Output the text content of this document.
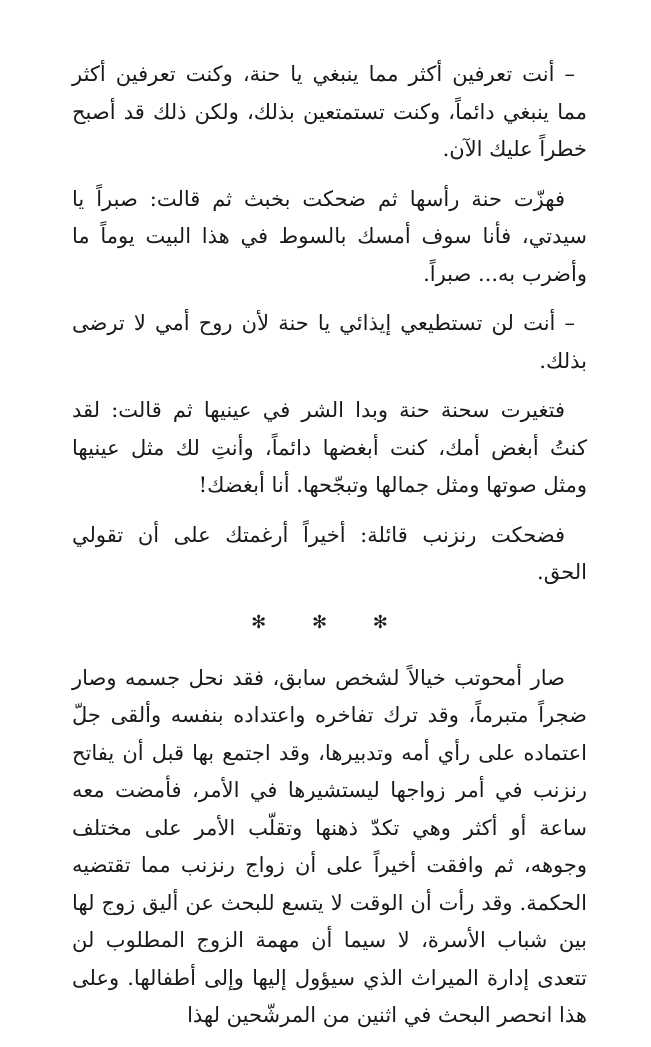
– أنت تعرفين أكثر مما ينبغي يا حنة، وكنت تعرفين أكثر مما ينبغي دائماً، وكنت تستمتعين بذلك، ولكن ذلك قد أصبح خطراً عليك الآن.

فهزّت حنة رأسها ثم ضحكت بخبث ثم قالت: صبراً يا سيدتي، فأنا سوف أمسك بالسوط في هذا البيت يوماً ما وأضرب به... صبراً.

– أنت لن تستطيعي إيذائي يا حنة لأن روح أمي لا ترضى بذلك.

فتغيرت سحنة حنة وبدا الشر في عينيها ثم قالت: لقد كنتُ أبغض أمك، كنت أبغضها دائماً، وأنتِ لك مثل عينيها ومثل صوتها ومثل جمالها وتبجّحها. أنا أبغضك!

فضحكت رنزنب قائلة: أخيراً أرغمتك على أن تقولي الحق.

✻ ✻ ✻

صار أمحوتب خيالاً لشخص سابق، فقد نحل جسمه وصار ضجراً متبرماً، وقد ترك تفاخره واعتداده بنفسه وألقى جلّ اعتماده على رأي أمه وتدبيرها، وقد اجتمع بها قبل أن يفاتح رنزنب في أمر زواجها ليستشيرها في الأمر، فأمضت معه ساعة أو أكثر وهي تكدّ ذهنها وتقلّب الأمر على مختلف وجوهه، ثم وافقت أخيراً على أن زواج رنزنب مما تقتضيه الحكمة. وقد رأت أن الوقت لا يتسع للبحث عن أليق زوج لها بين شباب الأسرة، لا سيما أن مهمة الزوج المطلوب لن تتعدى إدارة الميراث الذي سيؤول إليها وإلى أطفالها. وعلى هذا انحصر البحث في اثنين من المرشّحين لهذا
